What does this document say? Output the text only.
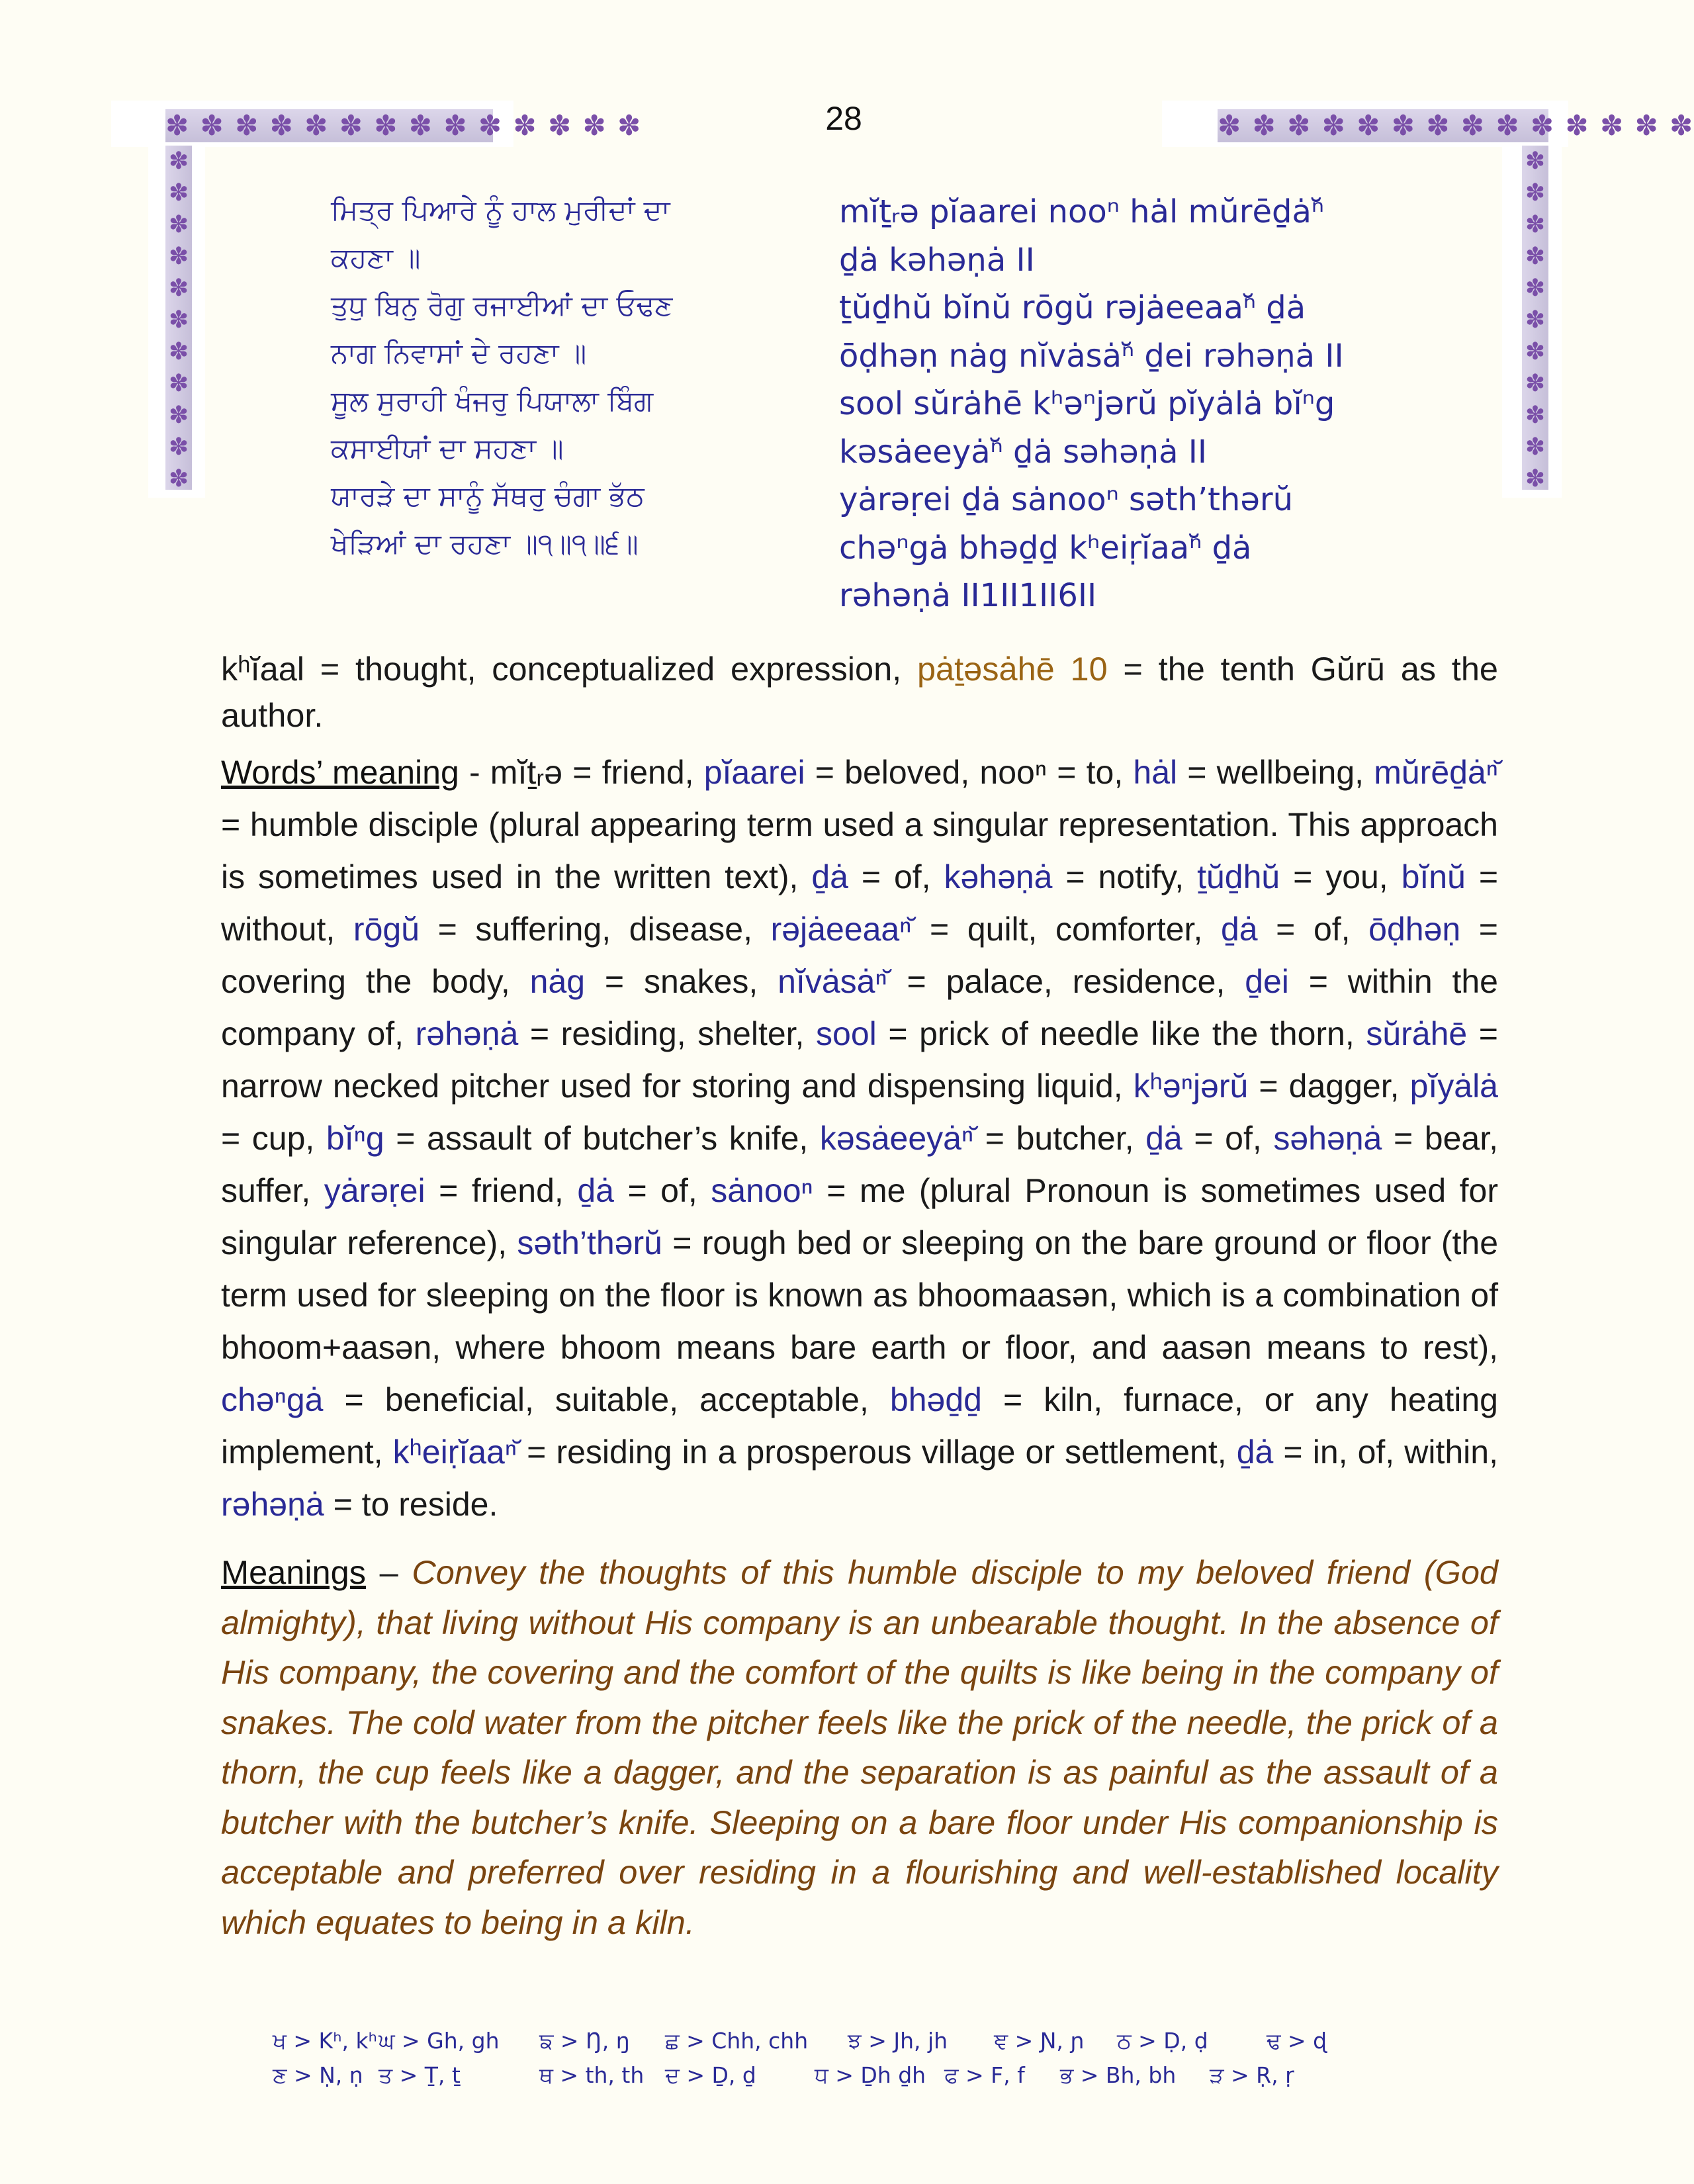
28
✽ ✽ ✽ ✽ ✽ ✽ ✽ ✽ ✽ ✽ ✽ ✽ ✽ ✽
✽
✽
✽
✽
✽
✽
✽
✽
✽
✽
✽
✽ ✽ ✽ ✽ ✽ ✽ ✽ ✽ ✽ ✽ ✽ ✽ ✽ ✽
✽
✽
✽
✽
✽
✽
✽
✽
✽
✽
✽
ਮਿਤ੍ਰ ਪਿਆਰੇ ਨੂੰ ਹਾਲ ਮੁਰੀਦਾਂ ਦਾ
ਕਹਣਾ ॥
ਤੁਧੁ ਬਿਨੁ ਰੋਗੁ ਰਜਾਈਆਂ ਦਾ ਓਢਣ
ਨਾਗ ਨਿਵਾਸਾਂ ਦੇ ਰਹਣਾ ॥
ਸੂਲ ਸੁਰਾਹੀ ਖੰਜਰੁ ਪਿਯਾਲਾ ਬਿੰਗ
ਕਸਾਈਯਾਂ ਦਾ ਸਹਣਾ ॥
ਯਾਰੜੇ ਦਾ ਸਾਨੂੰ ਸੱਥਰੁ ਚੰਗਾ ਭੱਠ
ਖੇੜਿਆਂ ਦਾ ਰਹਣਾ ॥੧॥੧॥੬॥
mĭṯᵣə pĭaarei nooⁿ hȧl mŭrēḏȧⁿ̆
ḏȧ kəhəṇȧ II
ṯŭḏhŭ bĭnŭ rōgŭ rəjȧeeaaⁿ̆ ḏȧ
ōḍhəṇ nȧg nĭvȧsȧⁿ̆ ḏei rəhəṇȧ II
sool sŭrȧhē kʰəⁿjərŭ pĭyȧlȧ bĭⁿg
kəsȧeeyȧⁿ̆ ḏȧ səhəṇȧ II
yȧrəṛei ḏȧ sȧnooⁿ səth’thərŭ
chəⁿgȧ bhəḏḏ kʰeiṛĭaaⁿ̆ ḏȧ
rəhəṇȧ II1II1II6II
kʰĭaal = thought, conceptualized expression, pȧṯəsȧhē 10 = the tenth Gŭrū as the author.
Words’ meaning - mĭṯᵣə = friend, pĭaarei = beloved, nooⁿ = to, hȧl = wellbeing, mŭrēḏȧⁿ̆ = humble disciple (plural appearing term used a singular representation. This approach is sometimes used in the written text), ḏȧ = of, kəhəṇȧ = notify, ṯŭḏhŭ = you, bĭnŭ = without, rōgŭ = suffering, disease, rəjȧeeaaⁿ̆ = quilt, comforter, ḏȧ = of, ōḍhəṇ = covering the body, nȧg = snakes, nĭvȧsȧⁿ̆ = palace, residence, ḏei = within the company of, rəhəṇȧ = residing, shelter, sool = prick of needle like the thorn, sŭrȧhē = narrow necked pitcher used for storing and dispensing liquid, kʰəⁿjərŭ = dagger, pĭyȧlȧ = cup, bĭⁿg = assault of butcher’s knife, kəsȧeeyȧⁿ̆ = butcher, ḏȧ = of, səhəṇȧ = bear, suffer, yȧrəṛei = friend, ḏȧ = of, sȧnooⁿ = me (plural Pronoun is sometimes used for singular reference), səth’thərŭ = rough bed or sleeping on the bare ground or floor (the term used for sleeping on the floor is known as bhoomaasən, which is a combination of bhoom+aasən, where bhoom means bare earth or floor, and aasən means to rest), chəⁿgȧ = beneficial, suitable, acceptable, bhəḏḏ = kiln, furnace, or any heating implement, kʰeiṛĭaaⁿ̆ = residing in a prosperous village or settlement, ḏȧ = in, of, within, rəhəṇȧ = to reside.
Meanings – Convey the thoughts of this humble disciple to my beloved friend (God almighty), that living without His company is an unbearable thought. In the absence of His company, the covering and the comfort of the quilts is like being in the company of snakes. The cold water from the pitcher feels like the prick of the needle, the prick of a thorn, the cup feels like a dagger, and the separation is as painful as the assault of a butcher with the butcher’s knife. Sleeping on a bare floor under His companionship is acceptable and preferred over residing in a flourishing and well-established locality which equates to being in a kiln.
ਖ > Kʰ, kʰਘ > Gh, gh ਙ > Ŋ, ŋ ਛ > Chh, chh ਝ > Jh, jh ਞ > Ɲ, ɲ ਠ > Ḍ, ḍ	ਢ > ɖ
ਣ > Ṇ, ṇ ਤ > Ṯ, ṯ	ਥ > th, th ਦ > Ḏ, ḏ	ਧ > Ḏh ḏh ਫ > F, f ਭ > Bh, bh ੜ > Ṛ, ṛ
